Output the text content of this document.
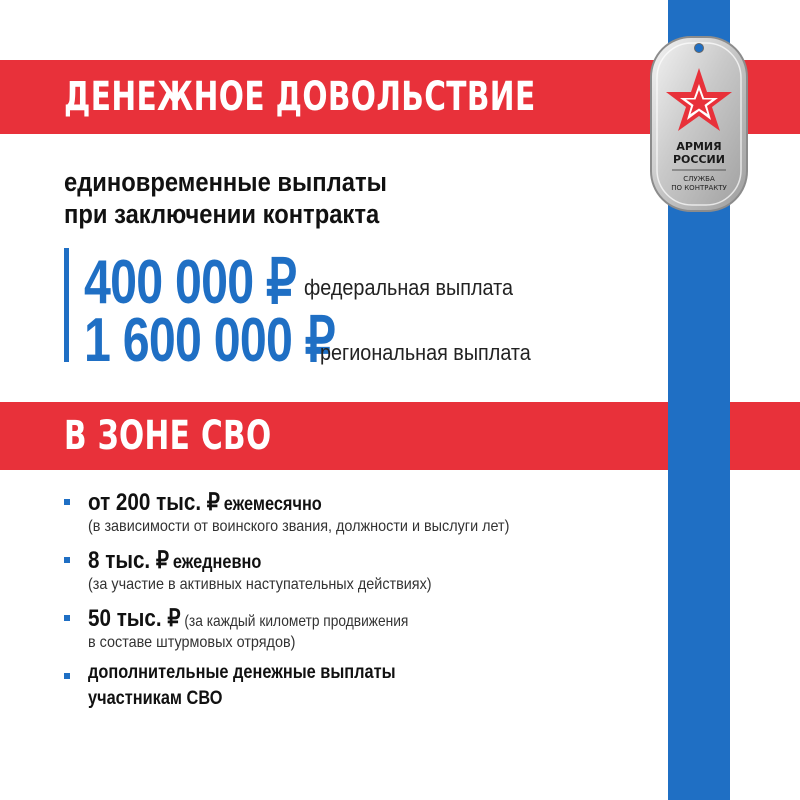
ДЕНЕЖНОЕ ДОВОЛЬСТВИЕ
единовременные выплаты
при заключении контракта
400 000 ₽ федеральная выплата
1 600 000 ₽
региональная выплата
В ЗОНЕ СВО
от 200 тыс. ₽ ежемесячно
(в зависимости от воинского звания, должности и выслуги лет)
8 тыс. ₽ ежедневно
(за участие в активных наступательных действиях)
50 тыс. ₽ (за каждый километр продвижения
в составе штурмовых отрядов)
дополнительные денежные выплаты
участникам СВО
АРМИЯ
РОССИИ
СЛУЖБА
ПО КОНТРАКТУ
